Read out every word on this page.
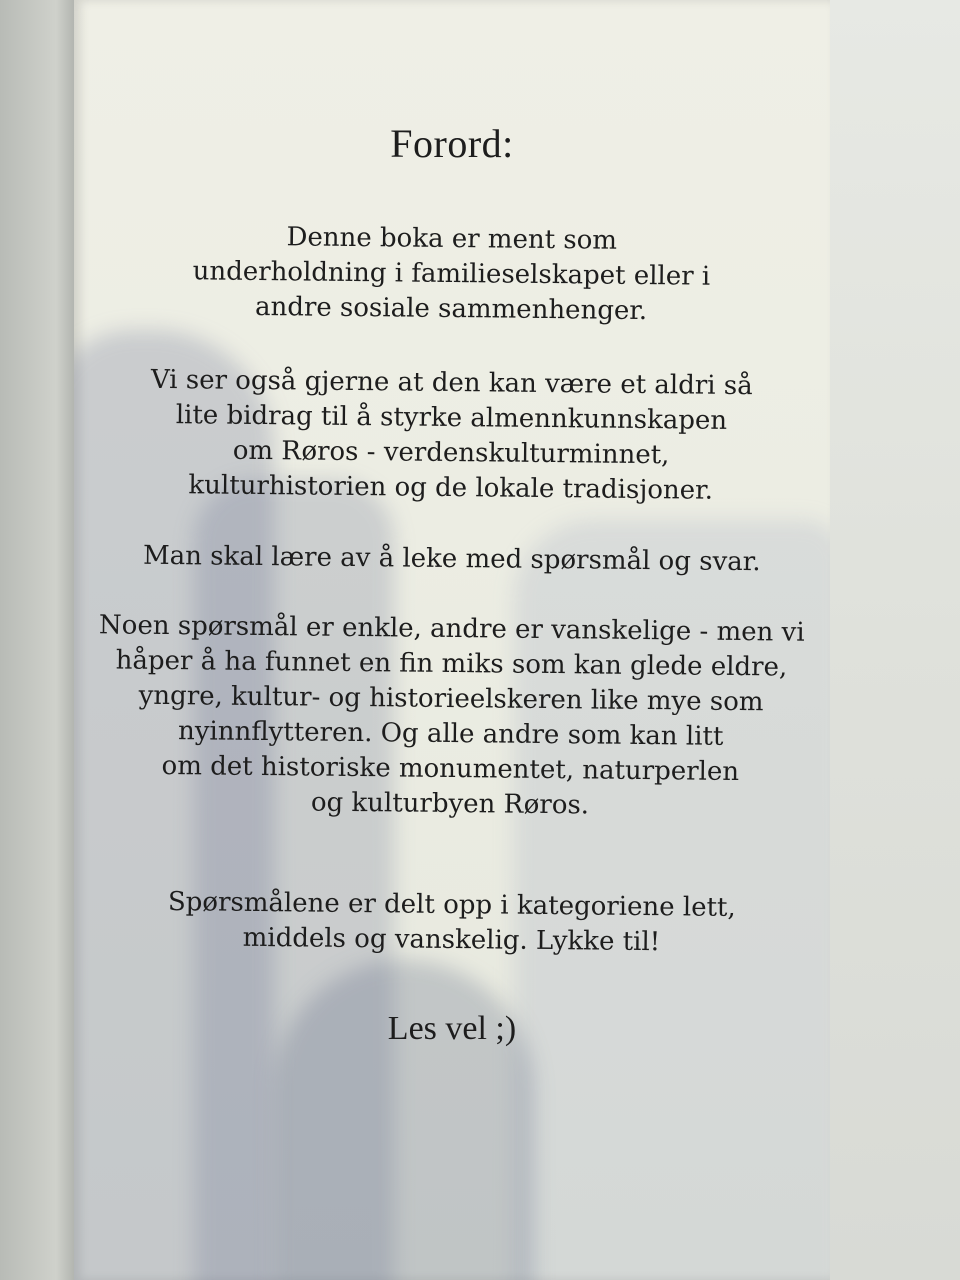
Forord:

Denne boka er ment som
underholdning i familieselskapet eller i
andre sosiale sammenhenger.

Vi ser også gjerne at den kan være et aldri så
lite bidrag til å styrke almennkunnskapen
om Røros - verdenskulturminnet,
kulturhistorien og de lokale tradisjoner.

Man skal lære av å leke med spørsmål og svar.

Noen spørsmål er enkle, andre er vanskelige - men vi
håper å ha funnet en fin miks som kan glede eldre,
yngre, kultur- og historieelskeren like mye som
nyinnflytteren. Og alle andre som kan litt
om det historiske monumentet, naturperlen
og kulturbyen Røros.

Spørsmålene er delt opp i kategoriene lett,
middels og vanskelig. Lykke til!

Les vel ;)
